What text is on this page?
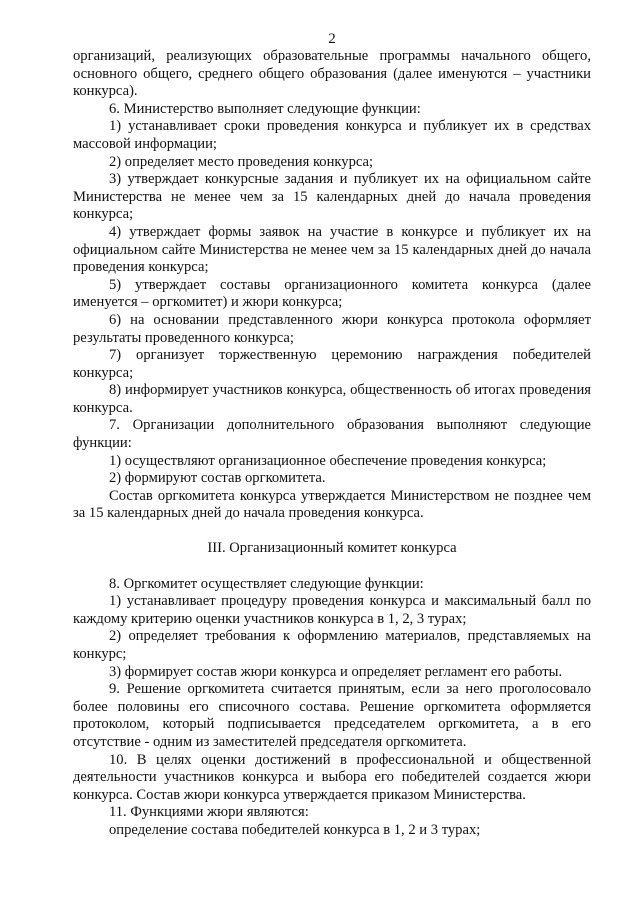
2
организаций, реализующих образовательные программы начального общего, основного общего, среднего общего образования (далее именуются – участники конкурса).
6. Министерство выполняет следующие функции:
1) устанавливает сроки проведения конкурса и публикует их в средствах массовой информации;
2) определяет место проведения конкурса;
3) утверждает конкурсные задания и публикует их на официальном сайте Министерства не менее чем за 15 календарных дней до начала проведения конкурса;
4) утверждает формы заявок на участие в конкурсе и публикует их на официальном сайте Министерства не менее чем за 15 календарных дней до начала проведения конкурса;
5) утверждает составы организационного комитета конкурса (далее именуется – оргкомитет) и жюри конкурса;
6) на основании представленного жюри конкурса протокола оформляет результаты проведенного конкурса;
7) организует торжественную церемонию награждения победителей конкурса;
8) информирует участников конкурса, общественность об итогах проведения конкурса.
7. Организации дополнительного образования выполняют следующие функции:
1) осуществляют организационное обеспечение проведения конкурса;
2) формируют состав оргкомитета.
Состав оргкомитета конкурса утверждается Министерством не позднее чем за 15 календарных дней до начала проведения конкурса.
III. Организационный комитет конкурса
8. Оргкомитет осуществляет следующие функции:
1) устанавливает процедуру проведения конкурса и максимальный балл по каждому критерию оценки участников конкурса в 1, 2, 3 турах;
2) определяет требования к оформлению материалов, представляемых на конкурс;
3) формирует состав жюри конкурса и определяет регламент его работы.
9. Решение оргкомитета считается принятым, если за него проголосовало более половины его списочного состава. Решение оргкомитета оформляется протоколом, который подписывается председателем оргкомитета, а в его отсутствие - одним из заместителей председателя оргкомитета.
10. В целях оценки достижений в профессиональной и общественной деятельности участников конкурса и выбора его победителей создается жюри конкурса. Состав жюри конкурса утверждается приказом Министерства.
11. Функциями жюри являются:
определение состава победителей конкурса в 1, 2 и 3 турах;
